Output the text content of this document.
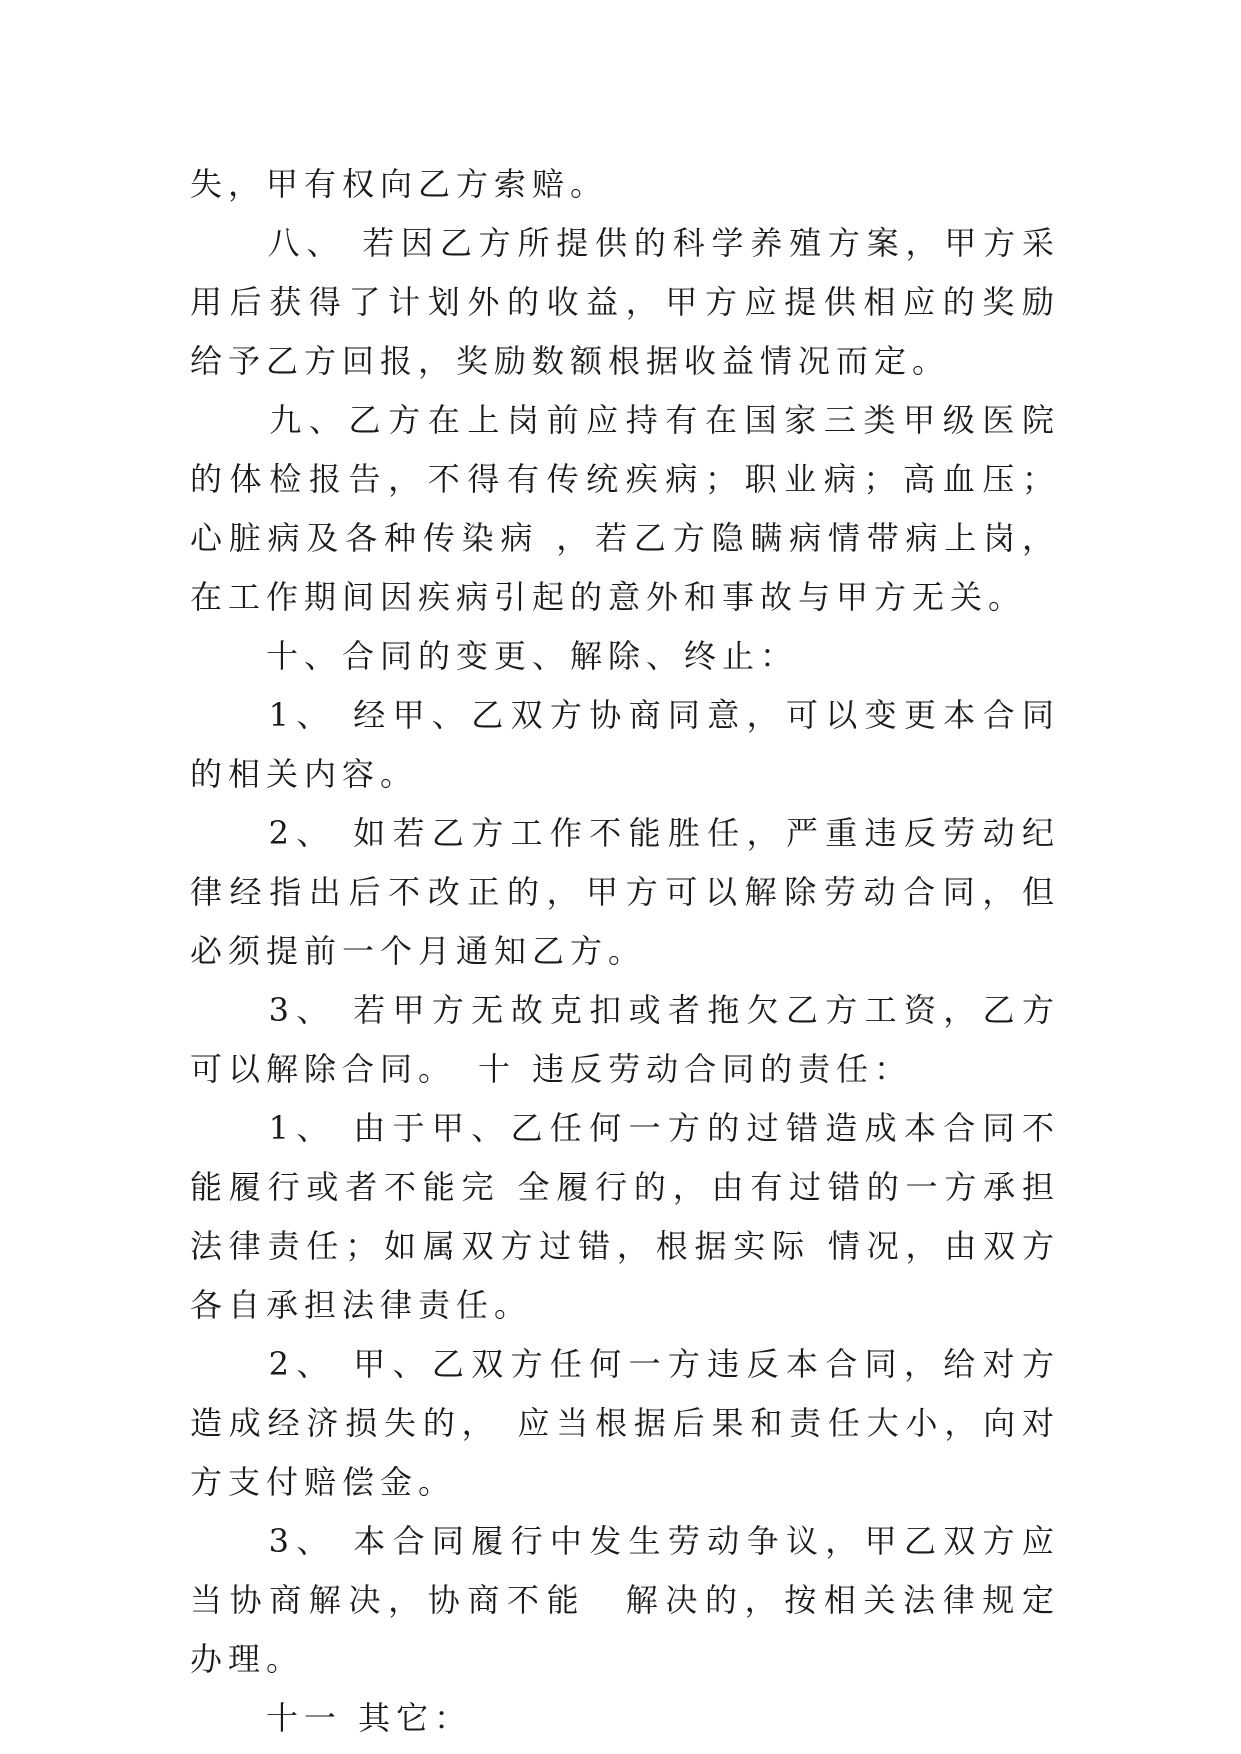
失，甲有权向乙方索赔。

　　八、 若因乙方所提供的科学养殖方案，甲方采用后获得了计划外的收益，甲方应提供相应的奖励给予乙方回报，奖励数额根据收益情况而定。

　　九、乙方在上岗前应持有在国家三类甲级医院的体检报告，不得有传统疾病；职业病；高血压；心脏病及各种传染病 ，若乙方隐瞒病情带病上岗，在工作期间因疾病引起的意外和事故与甲方无关。

　　十、合同的变更、解除、终止：

　　1、 经甲、乙双方协商同意，可以变更本合同的相关内容。

　　2、 如若乙方工作不能胜任，严重违反劳动纪律经指出后不改正的，甲方可以解除劳动合同，但必须提前一个月通知乙方。

　　3、 若甲方无故克扣或者拖欠乙方工资，乙方可以解除合同。　十 违反劳动合同的责任：

　　1、 由于甲、乙任何一方的过错造成本合同不能履行或者不能完 全履行的，由有过错的一方承担法律责任；如属双方过错，根据实际 情况，由双方各自承担法律责任。

　　2、 甲、乙双方任何一方违反本合同，给对方造成经济损失的， 应当根据后果和责任大小，向对方支付赔偿金。

　　3、 本合同履行中发生劳动争议，甲乙双方应当协商解决，协商不能　解决的，按相关法律规定办理。

　　十一 其它：
